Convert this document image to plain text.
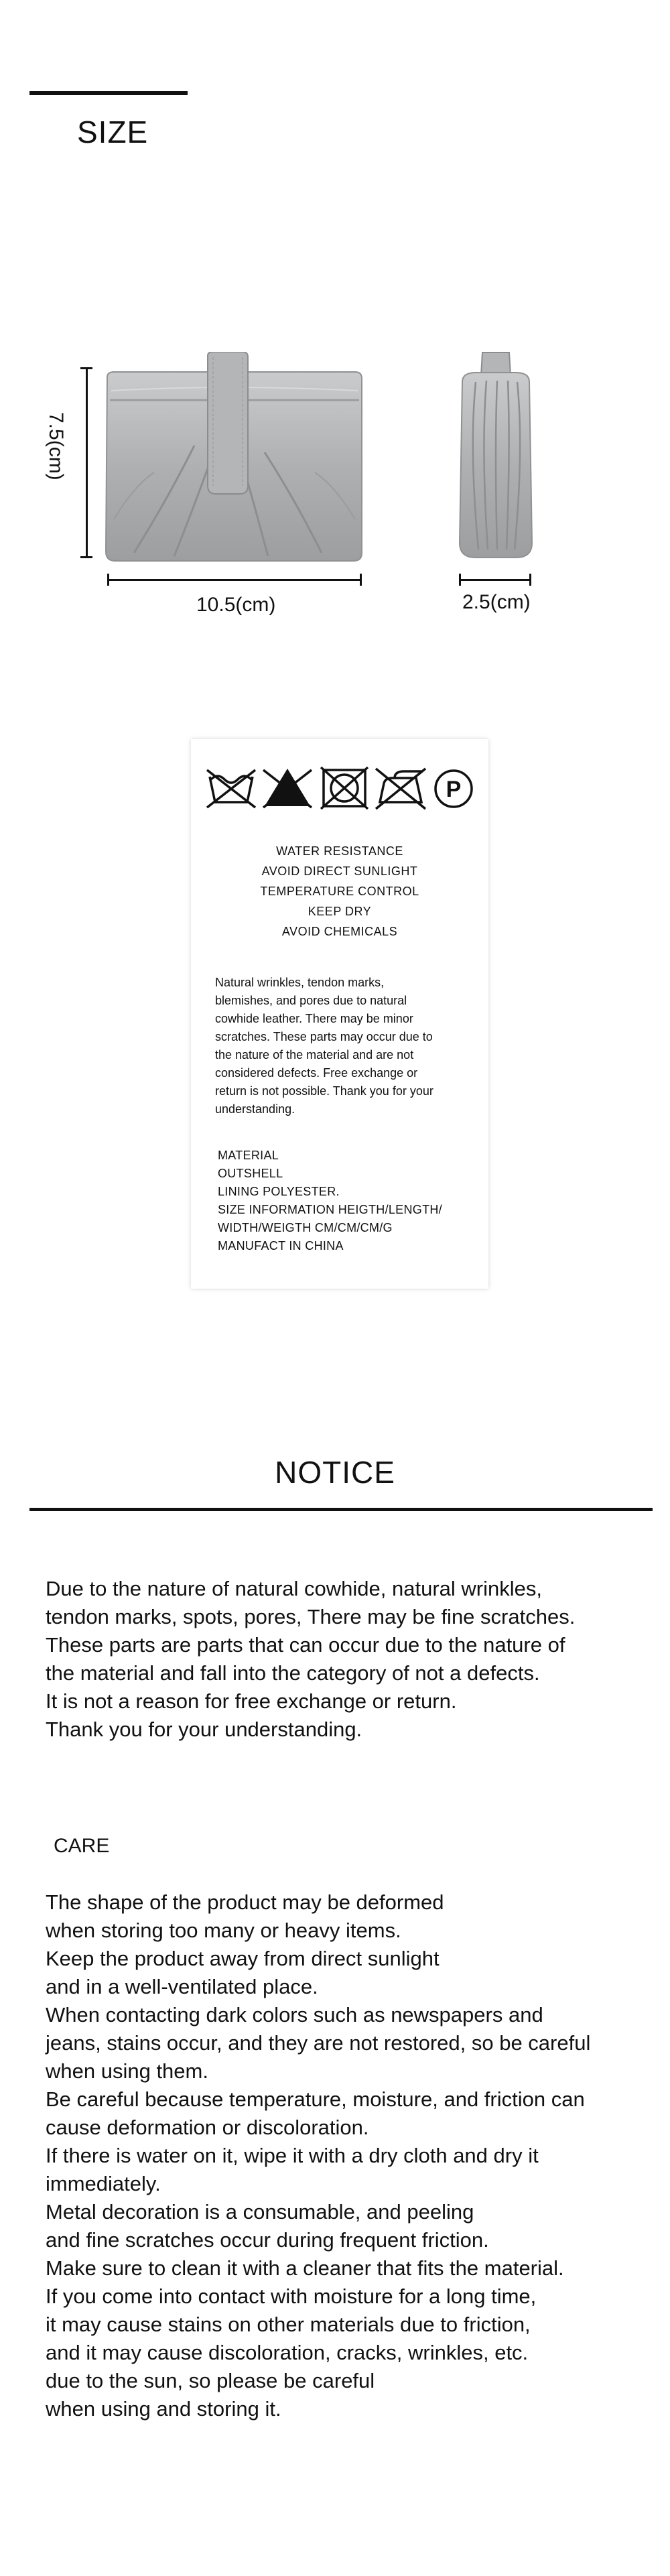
SIZE
7.5(cm)
10.5(cm)	2.5(cm)
P
WATER RESISTANCE
AVOID DIRECT SUNLIGHT
TEMPERATURE CONTROL
KEEP DRY
AVOID CHEMICALS
Natural wrinkles, tendon marks,
blemishes, and pores due to natural
cowhide leather. There may be minor
scratches. These parts may occur due to
the nature of the material and are not
considered defects. Free exchange or
return is not possible. Thank you for your
understanding.
MATERIAL
OUTSHELL
LINING POLYESTER.
SIZE INFORMATION HEIGTH/LENGTH/
WIDTH/WEIGTH CM/CM/CM/G
MANUFACT IN CHINA
NOTICE
Due to the nature of natural cowhide, natural wrinkles,
tendon marks, spots, pores, There may be fine scratches.
These parts are parts that can occur due to the nature of
the material and fall into the category of not a defects.
It is not a reason for free exchange or return.
Thank you for your understanding.
CARE
The shape of the product may be deformed
when storing too many or heavy items.
Keep the product away from direct sunlight
and in a well-ventilated place.
When contacting dark colors such as newspapers and
jeans, stains occur, and they are not restored, so be careful
when using them.
Be careful because temperature, moisture, and friction can
cause deformation or discoloration.
If there is water on it, wipe it with a dry cloth and dry it
immediately.
Metal decoration is a consumable, and peeling
and fine scratches occur during frequent friction.
Make sure to clean it with a cleaner that fits the material.
If you come into contact with moisture for a long time,
it may cause stains on other materials due to friction,
and it may cause discoloration, cracks, wrinkles, etc.
due to the sun, so please be careful
when using and storing it.
